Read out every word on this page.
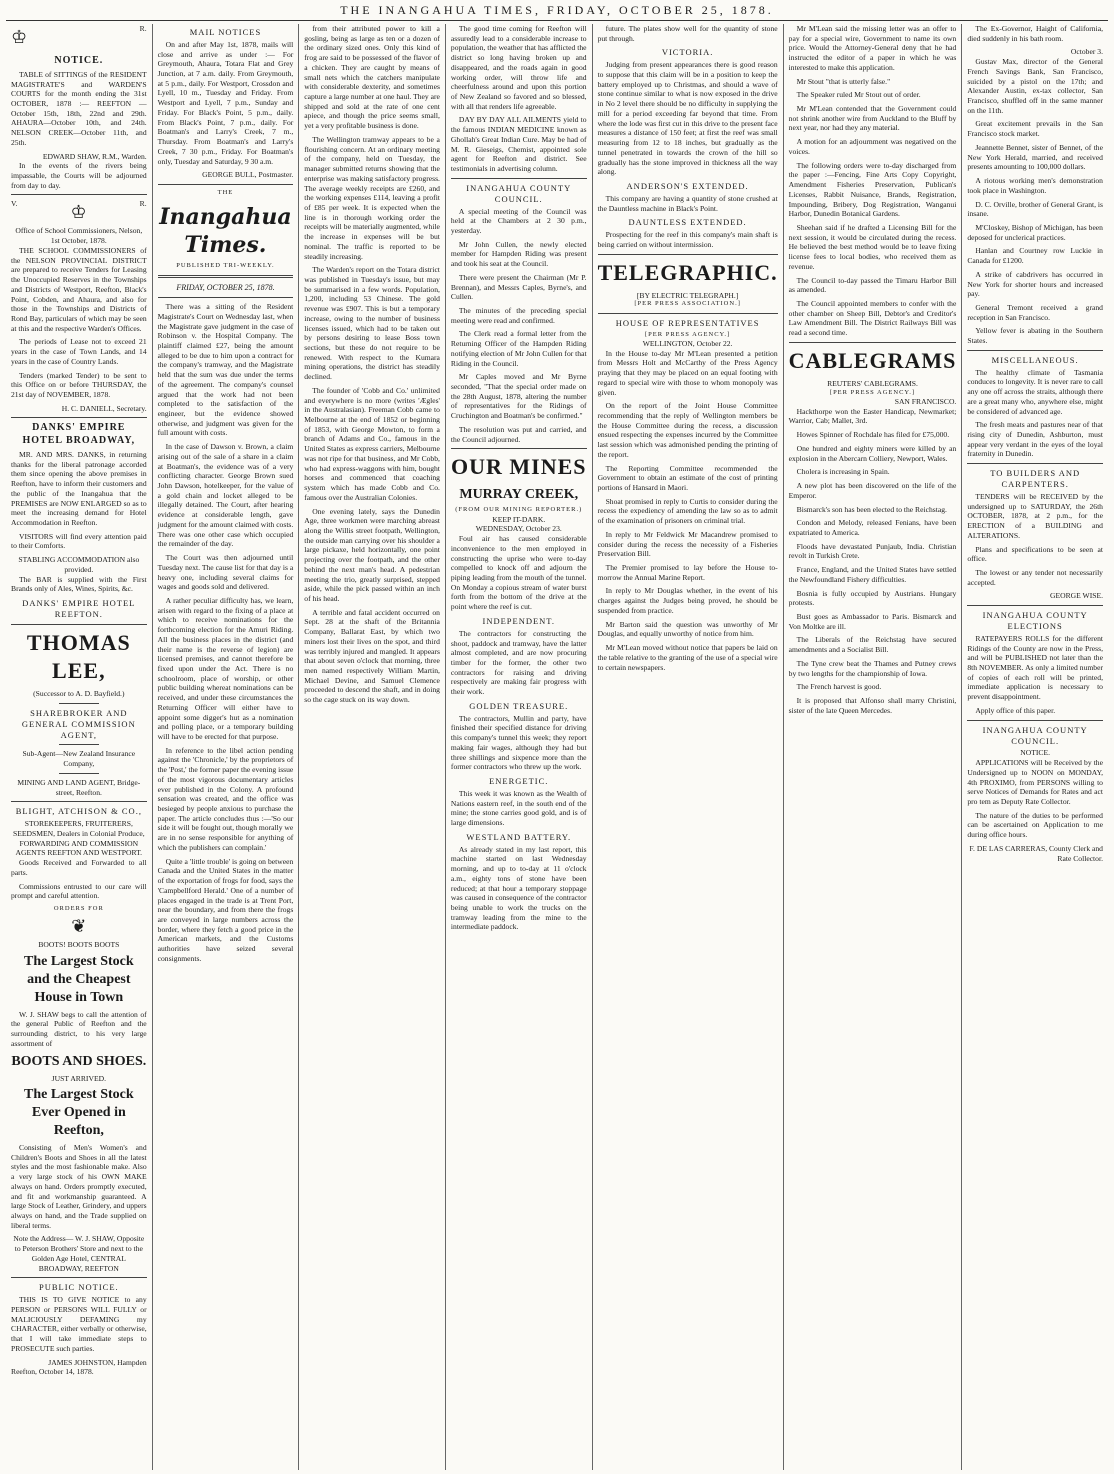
THE INANGAHUA TIMES, FRIDAY, OCTOBER 25, 1878.
♔	R.
NOTICE.

TABLE of SITTINGS of the RESIDENT MAGISTRATE'S and WARDEN'S COURTS for the month ending the 31st OCTOBER, 1878 :— REEFTON — October 15th, 18th, 22nd and 29th. AHAURA—October 10th, and 24th. NELSON CREEK—October 11th, and 25th.

EDWARD SHAW, R.M., Warden.

In the events of the rivers being impassable, the Courts will be adjourned from day to day.

V.	♔	R.
Office of School Commissioners, Nelson, 1st October, 1878.

THE SCHOOL COMMISSIONERS of the NELSON PROVINCIAL DISTRICT are prepared to receive Tenders for Leasing the Unoccupied Reserves in the Townships and Districts of Westport, Reefton, Black's Point, Cobden, and Ahaura, and also for those in the Townships and Districts of Rond Bay, particulars of which may be seen at this and the respective Warden's Offices.

The periods of Lease not to exceed 21 years in the case of Town Lands, and 14 years in the case of Country Lands.

Tenders (marked Tender) to be sent to this Office on or before THURSDAY, the 21st day of NOVEMBER, 1878.

H. C. DANIELL, Secretary.
DANKS' EMPIRE HOTEL BROADWAY,

MR. AND MRS. DANKS, in returning thanks for the liberal patronage accorded them since opening the above premises in Reefton, have to inform their customers and the public of the Inangahua that the PREMISES are NOW ENLARGED so as to meet the increasing demand for Hotel Accommodation in Reefton.

VISITORS will find every attention paid to their Comforts.

STABLING ACCOMMODATION also provided.

The BAR is supplied with the First Brands only of Ales, Wines, Spirits, &c.

DANKS' EMPIRE HOTEL REEFTON.
THOMAS LEE,
(Successor to A. D. Bayfield.)
SHAREBROKER AND GENERAL COMMISSION AGENT,
Sub-Agent—New Zealand Insurance Company,
MINING AND LAND AGENT, Bridge-street, Reefton.
BLIGHT, ATCHISON & CO.,
STOREKEEPERS, FRUITERERS, SEEDSMEN, Dealers in Colonial Produce, FORWARDING AND COMMISSION AGENTS REEFTON AND WESTPORT.

Goods Received and Forwarded to all parts.

Commissions entrusted to our care will prompt and careful attention.

ORDERS FOR
❦
BOOTS! BOOTS BOOTS
The Largest Stock and the Cheapest House in Town

W. J. SHAW begs to call the attention of the general Public of Reefton and the surrounding district, to his very large assortment of

BOOTS AND SHOES.
JUST ARRIVED.
The Largest Stock Ever Opened in Reefton,

Consisting of Men's Women's and Children's Boots and Shoes in all the latest styles and the most fashionable make. Also a very large stock of his OWN MAKE always on hand. Orders promptly executed, and fit and workmanship guaranteed. A large Stock of Leather, Grindery, and uppers always on hand, and the Trade supplied on liberal terms.

Note the Address— W. J. SHAW, Opposite to Peterson Brothers' Store and next to the Golden Age Hotel, CENTRAL BROADWAY, REEFTON
PUBLIC NOTICE.

THIS IS TO GIVE NOTICE to any PERSON or PERSONS WILL FULLY or MALICIOUSLY DEFAMING my CHARACTER, either verbally or otherwise, that I will take immediate steps to PROSECUTE such parties.

JAMES JOHNSTON, Hampden
Reefton, October 14, 1878.
MAIL NOTICES

On and after May 1st, 1878, mails will close and arrive as under :— For Greymouth, Ahaura, Totara Flat and Grey Junction, at 7 a.m. daily. From Greymouth, at 5 p.m., daily. For Westport, Crossdon and Lyell, 10 m., Tuesday and Friday. From Westport and Lyell, 7 p.m., Sunday and Friday. For Black's Point, 5 p.m., daily. From Black's Point, 7 p.m., daily. For Boatman's and Larry's Creek, 7 m., Thursday. From Boatman's and Larry's Creek, 7 30 p.m., Friday. For Boatman's only, Tuesday and Saturday, 9 30 a.m.

GEORGE BULL, Postmaster.
THE
Inangahua Times.
PUBLISHED TRI-WEEKLY.
FRIDAY, OCTOBER 25, 1878.

There was a sitting of the Resident Magistrate's Court on Wednesday last, when the Magistrate gave judgment in the case of Robinson v. the Hospital Company. The plaintiff claimed £27, being the amount alleged to be due to him upon a contract for the company's tramway, and the Magistrate held that the sum was due under the terms of the agreement. The company's counsel argued that the work had not been completed to the satisfaction of the engineer, but the evidence showed otherwise, and judgment was given for the full amount with costs.

In the case of Dawson v. Brown, a claim arising out of the sale of a share in a claim at Boatman's, the evidence was of a very conflicting character. George Brown sued John Dawson, hotelkeeper, for the value of a gold chain and locket alleged to be illegally detained. The Court, after hearing evidence at considerable length, gave judgment for the amount claimed with costs. There was one other case which occupied the remainder of the day.

The Court was then adjourned until Tuesday next. The cause list for that day is a heavy one, including several claims for wages and goods sold and delivered.

A rather peculiar difficulty has, we learn, arisen with regard to the fixing of a place at which to receive nominations for the forthcoming election for the Amuri Riding. All the business places in the district (and their name is the reverse of legion) are licensed premises, and cannot therefore be fixed upon under the Act. There is no schoolroom, place of worship, or other public building whereat nominations can be received, and under these circumstances the Returning Officer will either have to appoint some digger's hut as a nomination and polling place, or a temporary building will have to be erected for that purpose.

In reference to the libel action pending against the 'Chronicle,' by the proprietors of the 'Post,' the former paper the evening issue of the most vigorous documentary articles ever published in the Colony. A profound sensation was created, and the office was besieged by people anxious to purchase the paper. The article concludes thus :—'So our side it will be fought out, though morally we are in no sense responsible for anything of which the publishers can complain.'

Quite a 'little trouble' is going on between Canada and the United States in the matter of the exportation of frogs for food, says the 'Campbellford Herald.' One of a number of places engaged in the trade is at Trent Port, near the boundary, and from there the frogs are conveyed in large numbers across the border, where they fetch a good price in the American markets, and the Customs authorities have seized several consignments.

from their attributed power to kill a gosling, being as large as ten or a dozen of the ordinary sized ones. Only this kind of frog are said to be possessed of the flavor of a chicken. They are caught by means of small nets which the catchers manipulate with considerable dexterity, and sometimes capture a large number at one haul. They are shipped and sold at the rate of one cent apiece, and though the price seems small, yet a very profitable business is done.

The Wellington tramway appears to be a flourishing concern. At an ordinary meeting of the company, held on Tuesday, the manager submitted returns showing that the enterprise was making satisfactory progress. The average weekly receipts are £260, and the working expenses £114, leaving a profit of £85 per week. It is expected when the line is in thorough working order the receipts will be materially augmented, while the increase in expenses will be but nominal. The traffic is reported to be steadily increasing.

The Warden's report on the Totara district was published in Tuesday's issue, but may be summarised in a few words. Population, 1,200, including 53 Chinese. The gold revenue was £907. This is but a temporary increase, owing to the number of business licenses issued, which had to be taken out by persons desiring to lease Boss town sections, but these do not require to be renewed. With respect to the Kumara mining operations, the district has steadily declined.

The founder of 'Cobb and Co.' unlimited and everywhere is no more (writes 'Ægles' in the Australasian). Freeman Cobb came to Melbourne at the end of 1852 or beginning of 1853, with George Mowton, to form a branch of Adams and Co., famous in the United States as express carriers, Melbourne was not ripe for that business, and Mr Cobb, who had express-waggons with him, bought horses and commenced that coaching system which has made Cobb and Co. famous over the Australian Colonies.

One evening lately, says the Dunedin Age, three workmen were marching abreast along the Willis street footpath, Wellington, the outside man carrying over his shoulder a large pickaxe, held horizontally, one point projecting over the footpath, and the other behind the next man's head. A pedestrian meeting the trio, greatly surprised, stepped aside, while the pick passed within an inch of his head.

A terrible and fatal accident occurred on Sept. 28 at the shaft of the Britannia Company, Ballarat East, by which two miners lost their lives on the spot, and third was terribly injured and mangled. It appears that about seven o'clock that morning, three men named respectively William Martin, Michael Devine, and Samuel Clemence proceeded to descend the shaft, and in doing so the cage stuck on its way down.

The good time coming for Reefton will assuredly lead to a considerable increase to population, the weather that has afflicted the district so long having broken up and disappeared, and the roads again in good working order, will throw life and cheerfulness around and upon this portion of New Zealand so favored and so blessed, with all that renders life agreeable.

DAY BY DAY ALL AILMENTS yield to the famous INDIAN MEDICINE known as Ghollah's Great Indian Cure. May be had of M. R. Gieseigs, Chemist, appointed sole agent for Reefton and district. See testimonials in advertising column.

INANGAHUA COUNTY COUNCIL.

A special meeting of the Council was held at the Chambers at 2 30 p.m., yesterday.

Mr John Cullen, the newly elected member for Hampden Riding was present and took his seat at the Council.

There were present the Chairman (Mr P. Brennan), and Messrs Caples, Byrne's, and Cullen.

The minutes of the preceding special meeting were read and confirmed.

The Clerk read a formal letter from the Returning Officer of the Hampden Riding notifying election of Mr John Cullen for that Riding in the Council.

Mr Caples moved and Mr Byrne seconded, "That the special order made on the 28th August, 1878, altering the number of representatives for the Ridings of Cruchington and Boatman's be confirmed."

The resolution was put and carried, and the Council adjourned.

OUR MINES
MURRAY CREEK,
(FROM OUR MINING REPORTER.)
KEEP IT-DARK.
WEDNESDAY, October 23.

Foul air has caused considerable inconvenience to the men employed in constructing the uprise who were to-day compelled to knock off and adjourn the piping leading from the mouth of the tunnel. On Monday a copious stream of water burst forth from the bottom of the drive at the point where the reef is cut.

INDEPENDENT.

The contractors for constructing the shoot, paddock and tramway, have the latter almost completed, and are now procuring timber for the former, the other two contractors for raising and driving respectively are making fair progress with their work.

GOLDEN TREASURE.

The contractors, Mullin and party, have finished their specified distance for driving this company's tunnel this week; they report making fair wages, although they had but three shillings and sixpence more than the former contractors who threw up the work.

ENERGETIC.

This week it was known as the Wealth of Nations eastern reef, in the south end of the mine; the stone carries good gold, and is of large dimensions.

WESTLAND BATTERY.

As already stated in my last report, this machine started on last Wednesday morning, and up to to-day at 11 o'clock a.m., eighty tons of stone have been reduced; at that hour a temporary stoppage was caused in consequence of the contractor being unable to work the trucks on the tramway leading from the mine to the intermediate paddock.

future. The plates show well for the quantity of stone put through.

VICTORIA.

Judging from present appearances there is good reason to suppose that this claim will be in a position to keep the battery employed up to Christmas, and should a wave of stone continue similar to what is now exposed in the drive in No 2 level there should be no difficulty in supplying the mill for a period exceeding far beyond that time. From where the lode was first cut in this drive to the present face measures a distance of 150 feet; at first the reef was small measuring from 12 to 18 inches, but gradually as the tunnel penetrated in towards the crown of the hill so gradually has the stone improved in thickness all the way along.

ANDERSON'S EXTENDED.

This company are having a quantity of stone crushed at the Dauntless machine in Black's Point.

DAUNTLESS EXTENDED.

Prospecting for the reef in this company's main shaft is being carried on without intermission.

TELEGRAPHIC.
[BY ELECTRIC TELEGRAPH.]
[PER PRESS ASSOCIATION.]
HOUSE OF REPRESENTATIVES
[PER PRESS AGENCY.]
WELLINGTON, October 22.

In the House to-day Mr M'Lean presented a petition from Messrs Holt and McCarthy of the Press Agency praying that they may be placed on an equal footing with regard to special wire with those to whom monopoly was given.

On the report of the Joint House Committee recommending that the reply of Wellington members be the House Committee during the recess, a discussion ensued respecting the expenses incurred by the Committee last session which was admonished pending the printing of the report.

The Reporting Committee recommended the Government to obtain an estimate of the cost of printing portions of Hansard in Maori.

Shoat promised in reply to Curtis to consider during the recess the expediency of amending the law so as to admit of the examination of prisoners on criminal trial.

In reply to Mr Feldwick Mr Macandrew promised to consider during the recess the necessity of a Fisheries Preservation Bill.

The Premier promised to lay before the House to-morrow the Annual Marine Report.

In reply to Mr Douglas whether, in the event of his charges against the Judges being proved, he should be suspended from practice.

Mr Barton said the question was unworthy of Mr Douglas, and equally unworthy of notice from him.

Mr M'Lean moved without notice that papers be laid on the table relative to the granting of the use of a special wire to certain newspapers.

Mr M'Lean said the missing letter was an offer to pay for a special wire, Government to name its own price. Would the Attorney-General deny that he had instructed the editor of a paper in which he was interested to make this application.

Mr Stout "that is utterly false."

The Speaker ruled Mr Stout out of order.

Mr M'Lean contended that the Government could not shrink another wire from Auckland to the Bluff by next year, nor had they any material.

A motion for an adjournment was negatived on the voices.

The following orders were to-day discharged from the paper :—Fencing, Fine Arts Copy Copyright, Amendment Fisheries Preservation, Publican's Licenses, Rabbit Nuisance, Brands, Registration, Impounding, Bribery, Dog Registration, Wanganui Harbor, Dunedin Botanical Gardens.

Sheehan said if he drafted a Licensing Bill for the next session, it would be circulated during the recess. He believed the best method would be to leave fixing license fees to local bodies, who received them as revenue.

The Council to-day passed the Timaru Harbor Bill as amended.

The Council appointed members to confer with the other chamber on Sheep Bill, Debtor's and Creditor's Law Amendment Bill. The District Railways Bill was read a second time.

CABLEGRAMS
REUTERS' CABLEGRAMS.
[PER PRESS AGENCY.]
SAN FRANCISCO.

Hackthorpe won the Easter Handicap, Newmarket; Warrior, Cab; Mallet, 3rd.

Howes Spinner of Rochdale has filed for £75,000.

One hundred and eighty miners were killed by an explosion in the Abercarn Colliery, Newport, Wales.

Cholera is increasing in Spain.

A new plot has been discovered on the life of the Emperor.

Bismarck's son has been elected to the Reichstag.

Condon and Melody, released Fenians, have been expatriated to America.

Floods have devastated Punjaub, India. Christian revolt in Turkish Crete.

France, England, and the United States have settled the Newfoundland Fishery difficulties.

Bosnia is fully occupied by Austrians. Hungary protests.

Bust goes as Ambassador to Paris. Bismarck and Von Moltke are ill.

The Liberals of the Reichstag have secured amendments and a Socialist Bill.

The Tyne crew beat the Thames and Putney crews by two lengths for the championship of Iowa.

The French harvest is good.

It is proposed that Alfonso shall marry Christini, sister of the late Queen Mercedes.

The Ex-Governor, Haight of California, died suddenly in his bath room.

October 3.

Gustav Max, director of the General French Savings Bank, San Francisco, suicided by a pistol on the 17th; and Alexander Austin, ex-tax collector, San Francisco, shuffled off in the same manner on the 11th.

Great excitement prevails in the San Francisco stock market.

Jeannette Bennet, sister of Bennet, of the New York Herald, married, and received presents amounting to 100,000 dollars.

A riotous working men's demonstration took place in Washington.

D. C. Orville, brother of General Grant, is insane.

M'Closkey, Bishop of Michigan, has been deposed for unclerical practices.

Hanlan and Courtney row Luckie in Canada for £1200.

A strike of cabdrivers has occurred in New York for shorter hours and increased pay.

General Tremont received a grand reception in San Francisco.

Yellow fever is abating in the Southern States.

MISCELLANEOUS.

The healthy climate of Tasmania conduces to longevity. It is never rare to call any one off across the straits, although there are a great many who, anywhere else, might be considered of advanced age.

The fresh meats and pastures near of that rising city of Dunedin, Ashburton, must appear very verdant in the eyes of the loyal fraternity in Dunedin.

TO BUILDERS AND CARPENTERS.

TENDERS will be RECEIVED by the undersigned up to SATURDAY, the 26th OCTOBER, 1878, at 2 p.m., for the ERECTION of a BUILDING and ALTERATIONS.

Plans and specifications to be seen at office.

The lowest or any tender not necessarily accepted.

GEORGE WISE.
INANGAHUA COUNTY ELECTIONS

RATEPAYERS ROLLS for the different Ridings of the County are now in the Press, and will be PUBLISHED not later than the 8th NOVEMBER. As only a limited number of copies of each roll will be printed, immediate application is necessary to prevent disappointment.

Apply office of this paper.

INANGAHUA COUNTY COUNCIL.
NOTICE.

APPLICATIONS will be Received by the Undersigned up to NOON on MONDAY, 4th PROXIMO, from PERSONS willing to serve Notices of Demands for Rates and act pro tem as Deputy Rate Collector.

The nature of the duties to be performed can be ascertained on Application to me during office hours.

F. DE LAS CARRERAS, County Clerk and Rate Collector.
